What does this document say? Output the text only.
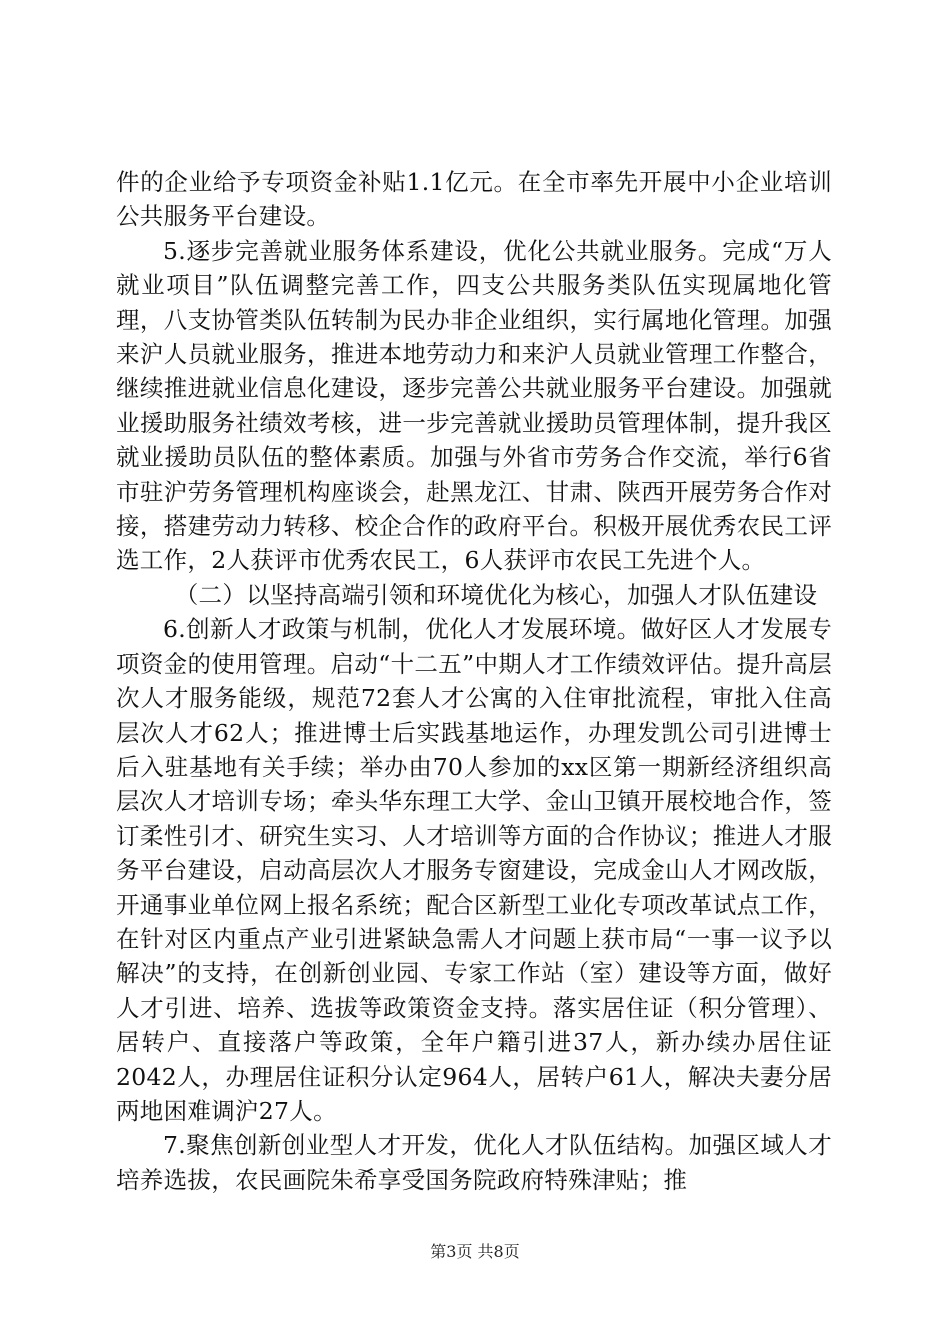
件的企业给予专项资金补贴1.1亿元。在全市率先开展中小企业培训公共服务平台建设。

5.逐步完善就业服务体系建设，优化公共就业服务。完成“万人就业项目”队伍调整完善工作，四支公共服务类队伍实现属地化管理，八支协管类队伍转制为民办非企业组织，实行属地化管理。加强来沪人员就业服务，推进本地劳动力和来沪人员就业管理工作整合，继续推进就业信息化建设，逐步完善公共就业服务平台建设。加强就业援助服务社绩效考核，进一步完善就业援助员管理体制，提升我区就业援助员队伍的整体素质。加强与外省市劳务合作交流，举行6省市驻沪劳务管理机构座谈会，赴黑龙江、甘肃、陕西开展劳务合作对接，搭建劳动力转移、校企合作的政府平台。积极开展优秀农民工评选工作，2人获评市优秀农民工，6人获评市农民工先进个人。

（二）以坚持高端引领和环境优化为核心，加强人才队伍建设

6.创新人才政策与机制，优化人才发展环境。做好区人才发展专项资金的使用管理。启动“十二五”中期人才工作绩效评估。提升高层次人才服务能级，规范72套人才公寓的入住审批流程，审批入住高层次人才62人；推进博士后实践基地运作，办理发凯公司引进博士后入驻基地有关手续；举办由70人参加的xx区第一期新经济组织高层次人才培训专场；牵头华东理工大学、金山卫镇开展校地合作，签订柔性引才、研究生实习、人才培训等方面的合作协议；推进人才服务平台建设，启动高层次人才服务专窗建设，完成金山人才网改版，开通事业单位网上报名系统；配合区新型工业化专项改革试点工作，在针对区内重点产业引进紧缺急需人才问题上获市局“一事一议予以解决”的支持，在创新创业园、专家工作站（室）建设等方面，做好人才引进、培养、选拔等政策资金支持。落实居住证（积分管理）、居转户、直接落户等政策，全年户籍引进37人，新办续办居住证2042人，办理居住证积分认定964人，居转户61人，解决夫妻分居两地困难调沪27人。

7.聚焦创新创业型人才开发，优化人才队伍结构。加强区域人才培养选拔，农民画院朱希享受国务院政府特殊津贴；推

第3页 共8页
